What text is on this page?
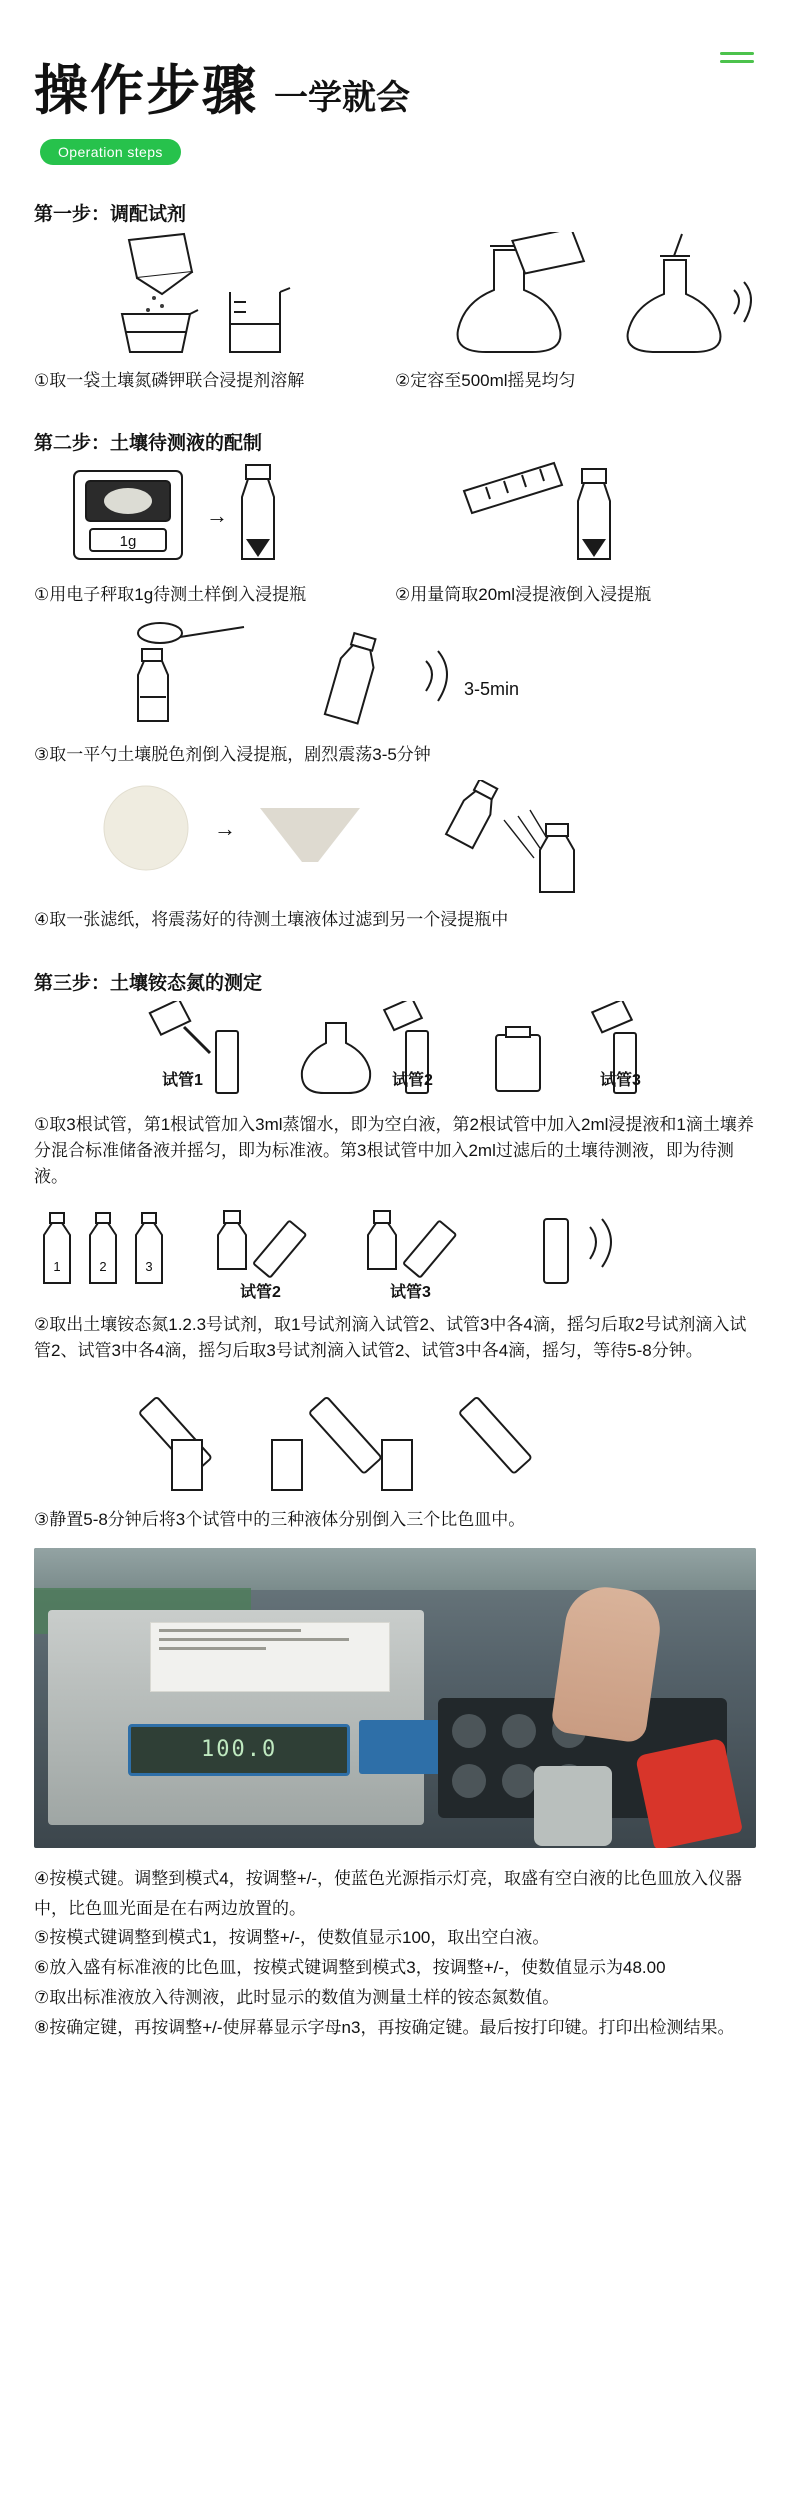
操作步骤 一学就会
Operation steps
第一步：调配试剂
①取一袋土壤氮磷钾联合浸提剂溶解	②定容至500ml摇晃均匀
第二步：土壤待测液的配制
1g
→
①用电子秤取1g待测土样倒入浸提瓶	②用量筒取20ml浸提液倒入浸提瓶
3-5min
③取一平勺土壤脱色剂倒入浸提瓶，剧烈震荡3-5分钟
→
④取一张滤纸，将震荡好的待测土壤液体过滤到另一个浸提瓶中
第三步：土壤铵态氮的测定
试管1	试管2	试管3
①取3根试管，第1根试管加入3ml蒸馏水，即为空白液，第2根试管中加入2ml浸提液和1滴土壤养分混合标准储备液并摇匀，即为标准液。第3根试管中加入2ml过滤后的土壤待测液，即为待测液。
1	2	3
试管2	试管3
②取出土壤铵态氮1.2.3号试剂，取1号试剂滴入试管2、试管3中各4滴，摇匀后取2号试剂滴入试管2、试管3中各4滴，摇匀后取3号试剂滴入试管2、试管3中各4滴，摇匀，等待5-8分钟。
③静置5-8分钟后将3个试管中的三种液体分别倒入三个比色皿中。
100.0

④按模式键。调整到模式4，按调整+/-，使蓝色光源指示灯亮，取盛有空白液的比色皿放入仪器中，比色皿光面是在右两边放置的。

⑤按模式键调整到模式1，按调整+/-，使数值显示100，取出空白液。

⑥放入盛有标准液的比色皿，按模式键调整到模式3，按调整+/-，使数值显示为48.00

⑦取出标准液放入待测液，此时显示的数值为测量土样的铵态氮数值。

⑧按确定键，再按调整+/-使屏幕显示字母n3，再按确定键。最后按打印键。打印出检测结果。
